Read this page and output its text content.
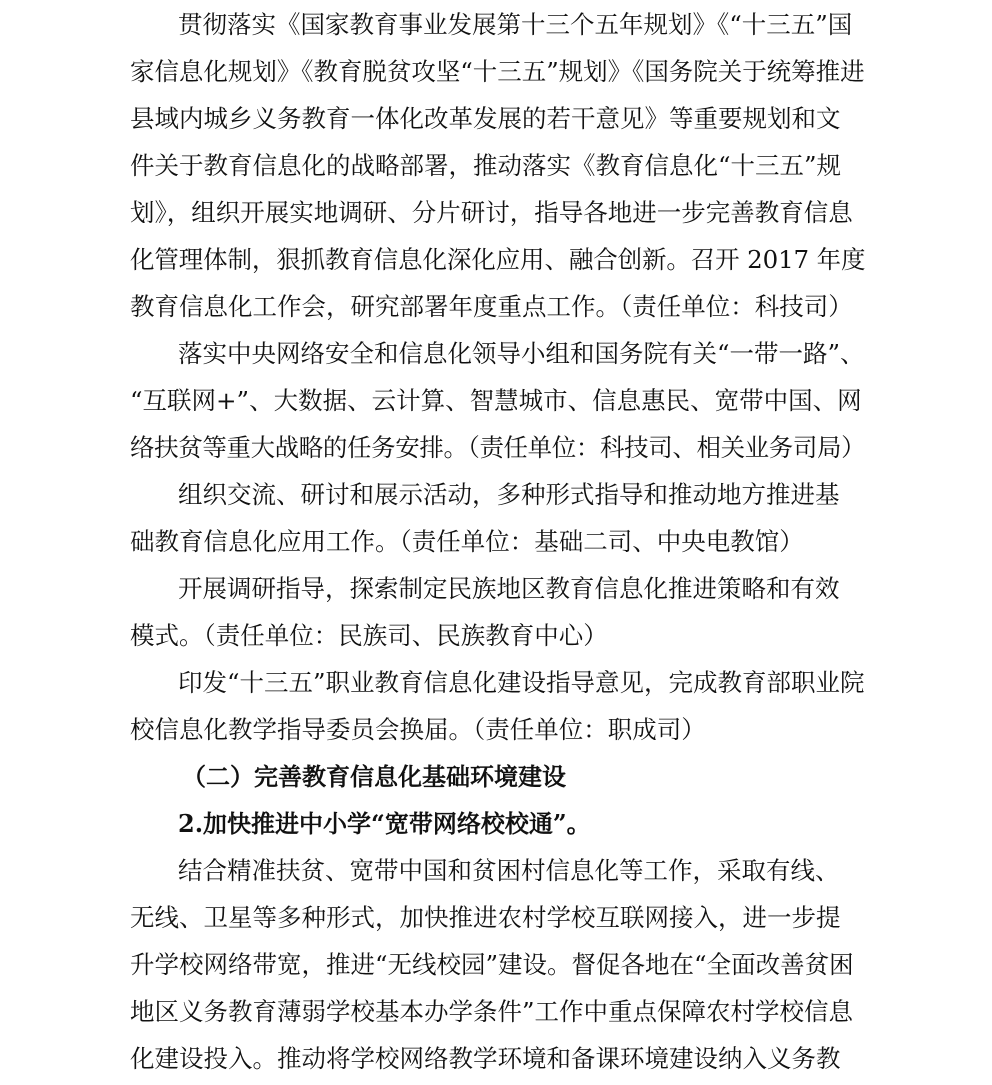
贯彻落实《国家教育事业发展第十三个五年规划》《“十三五”国
家信息化规划》《教育脱贫攻坚“十三五”规划》《国务院关于统筹推进
县域内城乡义务教育一体化改革发展的若干意见》等重要规划和文
件关于教育信息化的战略部署，推动落实《教育信息化“十三五”规
划》，组织开展实地调研、分片研讨，指导各地进一步完善教育信息
化管理体制，狠抓教育信息化深化应用、融合创新。召开 2017 年度
教育信息化工作会，研究部署年度重点工作。（责任单位：科技司）
落实中央网络安全和信息化领导小组和国务院有关“一带一路”、
“互联网+”、大数据、云计算、智慧城市、信息惠民、宽带中国、网
络扶贫等重大战略的任务安排。（责任单位：科技司、相关业务司局）
组织交流、研讨和展示活动，多种形式指导和推动地方推进基
础教育信息化应用工作。（责任单位：基础二司、中央电教馆）
开展调研指导，探索制定民族地区教育信息化推进策略和有效
模式。（责任单位：民族司、民族教育中心）
印发“十三五”职业教育信息化建设指导意见，完成教育部职业院
校信息化教学指导委员会换届。（责任单位：职成司）
（二）完善教育信息化基础环境建设
2.加快推进中小学“宽带网络校校通”。
结合精准扶贫、宽带中国和贫困村信息化等工作，采取有线、
无线、卫星等多种形式，加快推进农村学校互联网接入，进一步提
升学校网络带宽，推进“无线校园”建设。督促各地在“全面改善贫困
地区义务教育薄弱学校基本办学条件”工作中重点保障农村学校信息
化建设投入。推动将学校网络教学环境和备课环境建设纳入义务教
